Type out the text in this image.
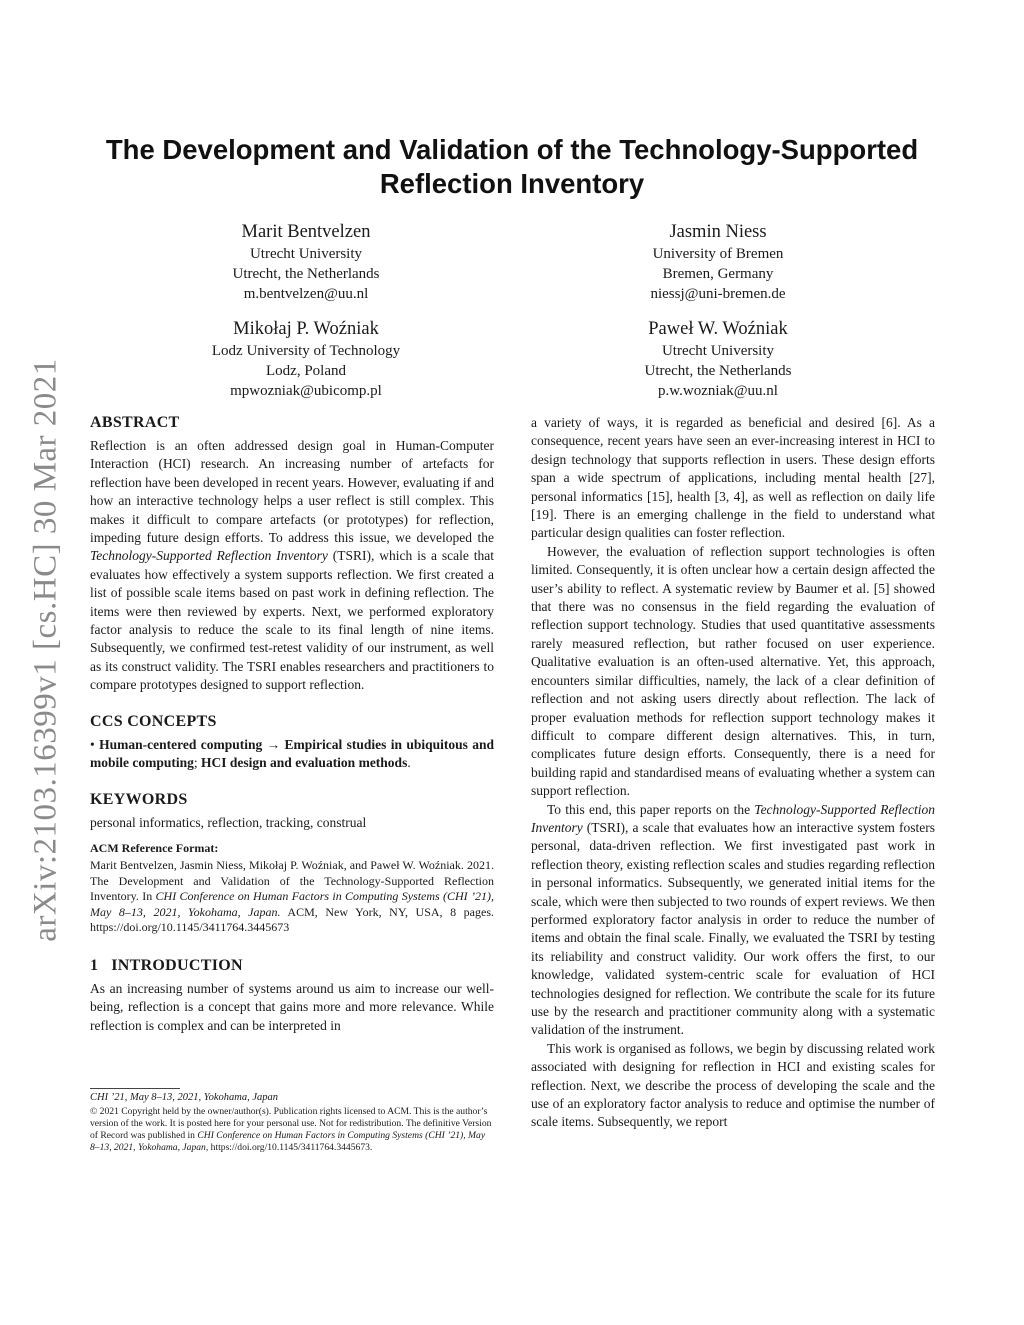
arXiv:2103.16399v1 [cs.HC] 30 Mar 2021
The Development and Validation of the Technology-Supported Reflection Inventory
Marit Bentvelzen
Utrecht University
Utrecht, the Netherlands
m.bentvelzen@uu.nl
Jasmin Niess
University of Bremen
Bremen, Germany
niessj@uni-bremen.de
Mikołaj P. Woźniak
Lodz University of Technology
Lodz, Poland
mpwozniak@ubicomp.pl
Paweł W. Woźniak
Utrecht University
Utrecht, the Netherlands
p.w.wozniak@uu.nl
ABSTRACT

Reflection is an often addressed design goal in Human-Computer Interaction (HCI) research. An increasing number of artefacts for reflection have been developed in recent years. However, evaluating if and how an interactive technology helps a user reflect is still complex. This makes it difficult to compare artefacts (or prototypes) for reflection, impeding future design efforts. To address this issue, we developed the Technology-Supported Reflection Inventory (TSRI), which is a scale that evaluates how effectively a system supports reflection. We first created a list of possible scale items based on past work in defining reflection. The items were then reviewed by experts. Next, we performed exploratory factor analysis to reduce the scale to its final length of nine items. Subsequently, we confirmed test-retest validity of our instrument, as well as its construct validity. The TSRI enables researchers and practitioners to compare prototypes designed to support reflection.

CCS CONCEPTS

• Human-centered computing → Empirical studies in ubiquitous and mobile computing; HCI design and evaluation methods.

KEYWORDS

personal informatics, reflection, tracking, construal

ACM Reference Format:

Marit Bentvelzen, Jasmin Niess, Mikołaj P. Woźniak, and Paweł W. Woźniak. 2021. The Development and Validation of the Technology-Supported Reflection Inventory. In CHI Conference on Human Factors in Computing Systems (CHI ’21), May 8–13, 2021, Yokohama, Japan. ACM, New York, NY, USA, 8 pages. https://doi.org/10.1145/3411764.3445673

1 INTRODUCTION

As an increasing number of systems around us aim to increase our well-being, reflection is a concept that gains more and more relevance. While reflection is complex and can be interpreted in

CHI ’21, May 8–13, 2021, Yokohama, Japan
© 2021 Copyright held by the owner/author(s). Publication rights licensed to ACM. This is the author’s version of the work. It is posted here for your personal use. Not for redistribution. The definitive Version of Record was published in CHI Conference on Human Factors in Computing Systems (CHI ’21), May 8–13, 2021, Yokohama, Japan, https://doi.org/10.1145/3411764.3445673.

a variety of ways, it is regarded as beneficial and desired [6]. As a consequence, recent years have seen an ever-increasing interest in HCI to design technology that supports reflection in users. These design efforts span a wide spectrum of applications, including mental health [27], personal informatics [15], health [3, 4], as well as reflection on daily life [19]. There is an emerging challenge in the field to understand what particular design qualities can foster reflection.

However, the evaluation of reflection support technologies is often limited. Consequently, it is often unclear how a certain design affected the user’s ability to reflect. A systematic review by Baumer et al. [5] showed that there was no consensus in the field regarding the evaluation of reflection support technology. Studies that used quantitative assessments rarely measured reflection, but rather focused on user experience. Qualitative evaluation is an often-used alternative. Yet, this approach, encounters similar difficulties, namely, the lack of a clear definition of reflection and not asking users directly about reflection. The lack of proper evaluation methods for reflection support technology makes it difficult to compare different design alternatives. This, in turn, complicates future design efforts. Consequently, there is a need for building rapid and standardised means of evaluating whether a system can support reflection.

To this end, this paper reports on the Technology-Supported Reflection Inventory (TSRI), a scale that evaluates how an interactive system fosters personal, data-driven reflection. We first investigated past work in reflection theory, existing reflection scales and studies regarding reflection in personal informatics. Subsequently, we generated initial items for the scale, which were then subjected to two rounds of expert reviews. We then performed exploratory factor analysis in order to reduce the number of items and obtain the final scale. Finally, we evaluated the TSRI by testing its reliability and construct validity. Our work offers the first, to our knowledge, validated system-centric scale for evaluation of HCI technologies designed for reflection. We contribute the scale for its future use by the research and practitioner community along with a systematic validation of the instrument.

This work is organised as follows, we begin by discussing related work associated with designing for reflection in HCI and existing scales for reflection. Next, we describe the process of developing the scale and the use of an exploratory factor analysis to reduce and optimise the number of scale items. Subsequently, we report
